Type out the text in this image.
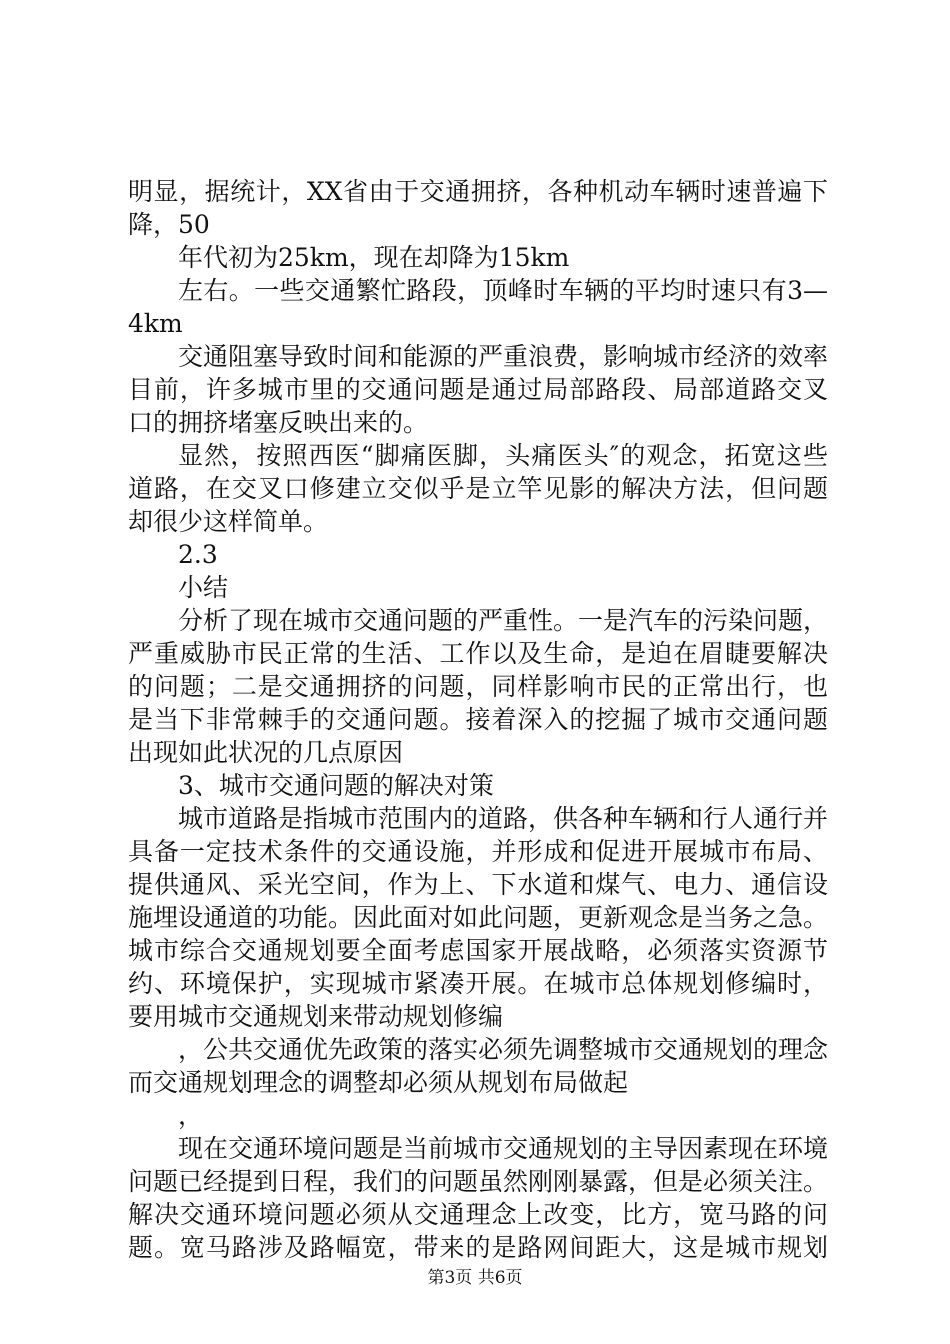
明显，据统计，XX省由于交通拥挤，各种机动车辆时速普遍下
降，50
年代初为25km，现在却降为15km
左右。一些交通繁忙路段，顶峰时车辆的平均时速只有3—
4km
交通阻塞导致时间和能源的严重浪费，影响城市经济的效率
目前，许多城市里的交通问题是通过局部路段、局部道路交叉
口的拥挤堵塞反映出来的。
显然，按照西医“脚痛医脚，头痛医头″的观念，拓宽这些
道路，在交叉口修建立交似乎是立竿见影的解决方法，但问题
却很少这样简单。
2.3
小结
分析了现在城市交通问题的严重性。一是汽车的污染问题，
严重威胁市民正常的生活、工作以及生命，是迫在眉睫要解决
的问题；二是交通拥挤的问题，同样影响市民的正常出行，也
是当下非常棘手的交通问题。接着深入的挖掘了城市交通问题
出现如此状况的几点原因
3、城市交通问题的解决对策
城市道路是指城市范围内的道路，供各种车辆和行人通行并
具备一定技术条件的交通设施，并形成和促进开展城市布局、
提供通风、采光空间，作为上、下水道和煤气、电力、通信设
施埋设通道的功能。因此面对如此问题，更新观念是当务之急。
城市综合交通规划要全面考虑国家开展战略，必须落实资源节
约、环境保护，实现城市紧凑开展。在城市总体规划修编时，
要用城市交通规划来带动规划修编
，公共交通优先政策的落实必须先调整城市交通规划的理念
而交通规划理念的调整却必须从规划布局做起
，
现在交通环境问题是当前城市交通规划的主导因素现在环境
问题已经提到日程，我们的问题虽然刚刚暴露，但是必须关注。
解决交通环境问题必须从交通理念上改变，比方，宽马路的问
题。宽马路涉及路幅宽，带来的是路网间距大，这是城市规划
第3页 共6页
